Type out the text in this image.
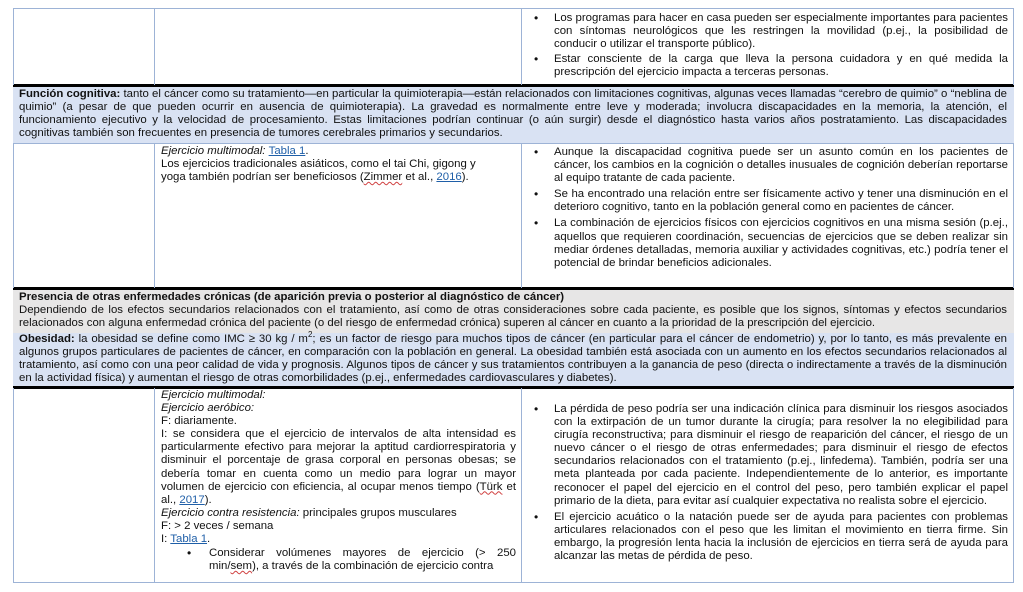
• Los programas para hacer en casa pueden ser especialmente importantes para pacientes con síntomas neurológicos que les restringen la movilidad (p.ej., la posibilidad de conducir o utilizar el transporte público).
• Estar consciente de la carga que lleva la persona cuidadora y en qué medida la prescripción del ejercicio impacta a terceras personas.
Función cognitiva: tanto el cáncer como su tratamiento—en particular la quimioterapia—están relacionados con limitaciones cognitivas, algunas veces llamadas “cerebro de quimio” o “neblina de quimio” (a pesar de que pueden ocurrir en ausencia de quimioterapia). La gravedad es normalmente entre leve y moderada; involucra discapacidades en la memoria, la atención, el funcionamiento ejecutivo y la velocidad de procesamiento. Estas limitaciones podrían continuar (o aún surgir) desde el diagnóstico hasta varios años postratamiento. Las discapacidades cognitivas también son frecuentes en presencia de tumores cerebrales primarios y secundarios.

Ejercicio multimodal: Tabla 1.

Los ejercicios tradicionales asiáticos, como el tai Chi, gigong y yoga también podrían ser beneficiosos (Zimmer et al., 2016).

• Aunque la discapacidad cognitiva puede ser un asunto común en los pacientes de cáncer, los cambios en la cognición o detalles inusuales de cognición deberían reportarse al equipo tratante de cada paciente.
• Se ha encontrado una relación entre ser físicamente activo y tener una disminución en el deterioro cognitivo, tanto en la población general como en pacientes de cáncer.
• La combinación de ejercicios físicos con ejercicios cognitivos en una misma sesión (p.ej., aquellos que requieren coordinación, secuencias de ejercicios que se deben realizar sin mediar órdenes detalladas, memoria auxiliar y actividades cognitivas, etc.) podría tener el potencial de brindar beneficios adicionales.
Presencia de otras enfermedades crónicas (de aparición previa o posterior al diagnóstico de cáncer)
Dependiendo de los efectos secundarios relacionados con el tratamiento, así como de otras consideraciones sobre cada paciente, es posible que los signos, síntomas y efectos secundarios relacionados con alguna enfermedad crónica del paciente (o del riesgo de enfermedad crónica) superen al cáncer en cuanto a la prioridad de la prescripción del ejercicio.
Obesidad: la obesidad se define como IMC ≥ 30 kg / $m^2$; es un factor de riesgo para muchos tipos de cáncer (en particular para el cáncer de endometrio) y, por lo tanto, es más prevalente en algunos grupos particulares de pacientes de cáncer, en comparación con la población en general. La obesidad también está asociada con un aumento en los efectos secundarios relacionados al tratamiento, así como con una peor calidad de vida y prognosis. Algunos tipos de cáncer y sus tratamientos contribuyen a la ganancia de peso (directa o indirectamente a través de la disminución en la actividad física) y aumentan el riesgo de otras comorbilidades (p.ej., enfermedades cardiovasculares y diabetes).

Ejercicio multimodal:

Ejercicio aeróbico:

F: diariamente.

I: se considera que el ejercicio de intervalos de alta intensidad es particularmente efectivo para mejorar la aptitud cardiorrespiratoria y disminuir el porcentaje de grasa corporal en personas obesas; se debería tomar en cuenta como un medio para lograr un mayor volumen de ejercicio con eficiencia, al ocupar menos tiempo (Türk et al., 2017).

Ejercicio contra resistencia: principales grupos musculares

F: > 2 veces / semana

I: Tabla 1.

• Considerar volúmenes mayores de ejercicio (> 250 min/sem), a través de la combinación de ejercicio contra
• La pérdida de peso podría ser una indicación clínica para disminuir los riesgos asociados con la extirpación de un tumor durante la cirugía; para resolver la no elegibilidad para cirugía reconstructiva; para disminuir el riesgo de reaparición del cáncer, el riesgo de un nuevo cáncer o el riesgo de otras enfermedades; para disminuir el riesgo de efectos secundarios relacionados con el tratamiento (p.ej., linfedema). También, podría ser una meta planteada por cada paciente. Independientemente de lo anterior, es importante reconocer el papel del ejercicio en el control del peso, pero también explicar el papel primario de la dieta, para evitar así cualquier expectativa no realista sobre el ejercicio.
• El ejercicio acuático o la natación puede ser de ayuda para pacientes con problemas articulares relacionados con el peso que les limitan el movimiento en tierra firme. Sin embargo, la progresión lenta hacia la inclusión de ejercicios en tierra será de ayuda para alcanzar las metas de pérdida de peso.
